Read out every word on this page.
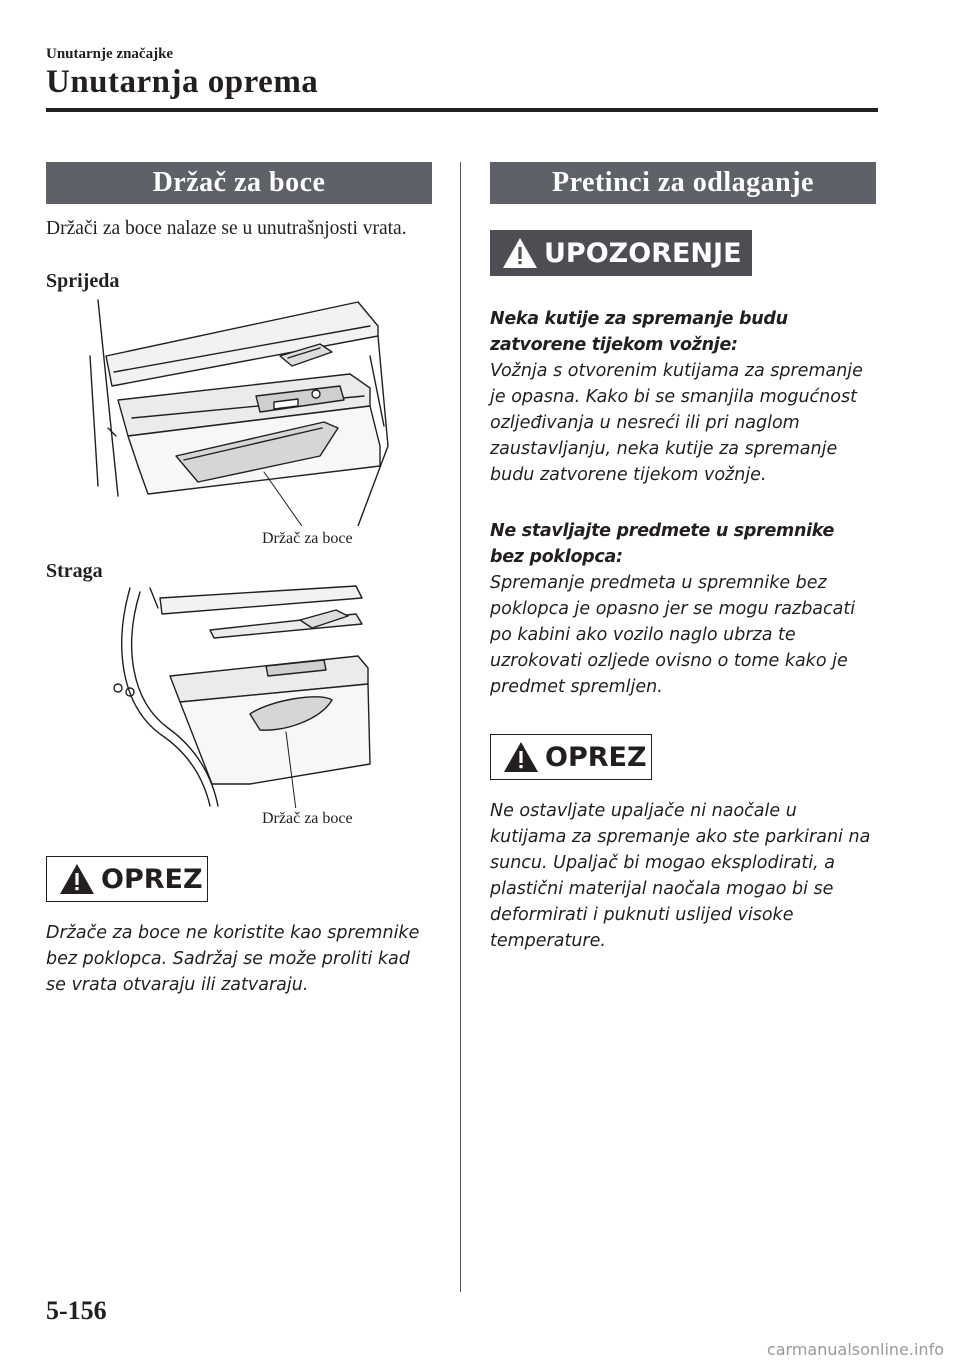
Unutarnje značajke
Unutarnja oprema
Držač za boce
Držači za boce nalaze se u unutrašnjosti vrata.
Sprijeda
Držač za boce
Straga
Držač za boce
OPREZ
Držače za boce ne koristite kao spremnike bez poklopca. Sadržaj se može proliti kad se vrata otvaraju ili zatvaraju.
Pretinci za odlaganje
UPOZORENJE
Neka kutije za spremanje budu zatvorene tijekom vožnje:
Vožnja s otvorenim kutijama za spremanje je opasna. Kako bi se smanjila mogućnost ozljeđivanja u nesreći ili pri naglom zaustavljanju, neka kutije za spremanje budu zatvorene tijekom vožnje.
Ne stavljajte predmete u spremnike bez poklopca:
Spremanje predmeta u spremnike bez poklopca je opasno jer se mogu razbacati po kabini ako vozilo naglo ubrza te uzrokovati ozljede ovisno o tome kako je predmet spremljen.
OPREZ
Ne ostavljate upaljače ni naočale u kutijama za spremanje ako ste parkirani na suncu. Upaljač bi mogao eksplodirati, a plastični materijal naočala mogao bi se deformirati i puknuti uslijed visoke temperature.
5-156
carmanualsonline.info
